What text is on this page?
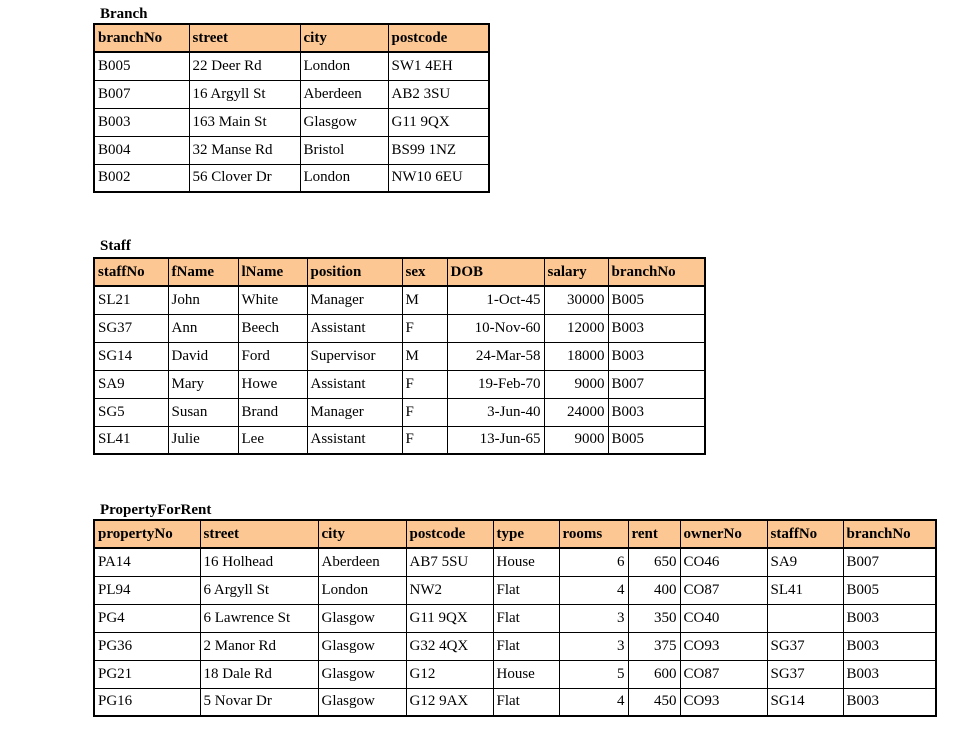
Branch
branchNo	street	city	postcode
B005	22 Deer Rd	London	SW1 4EH
B007	16 Argyll St	Aberdeen	AB2 3SU
B003	163 Main St	Glasgow	G11 9QX
B004	32 Manse Rd	Bristol	BS99 1NZ
B002	56 Clover Dr	London	NW10 6EU
Staff
staffNo	fName	lName	position	sex	DOB	salary	branchNo
SL21	John	White	Manager	M	1-Oct-45	30000	B005
SG37	Ann	Beech	Assistant	F	10-Nov-60	12000	B003
SG14	David	Ford	Supervisor	M	24-Mar-58	18000	B003
SA9	Mary	Howe	Assistant	F	19-Feb-70	9000	B007
SG5	Susan	Brand	Manager	F	3-Jun-40	24000	B003
SL41	Julie	Lee	Assistant	F	13-Jun-65	9000	B005
PropertyForRent
propertyNo	street	city	postcode	type	rooms	rent	ownerNo	staffNo	branchNo
PA14	16 Holhead	Aberdeen	AB7 5SU	House	6	650	CO46	SA9	B007
PL94	6 Argyll St	London	NW2	Flat	4	400	CO87	SL41	B005
PG4	6 Lawrence St	Glasgow	G11 9QX	Flat	3	350	CO40		B003
PG36	2 Manor Rd	Glasgow	G32 4QX	Flat	3	375	CO93	SG37	B003
PG21	18 Dale Rd	Glasgow	G12	House	5	600	CO87	SG37	B003
PG16	5 Novar Dr	Glasgow	G12 9AX	Flat	4	450	CO93	SG14	B003
